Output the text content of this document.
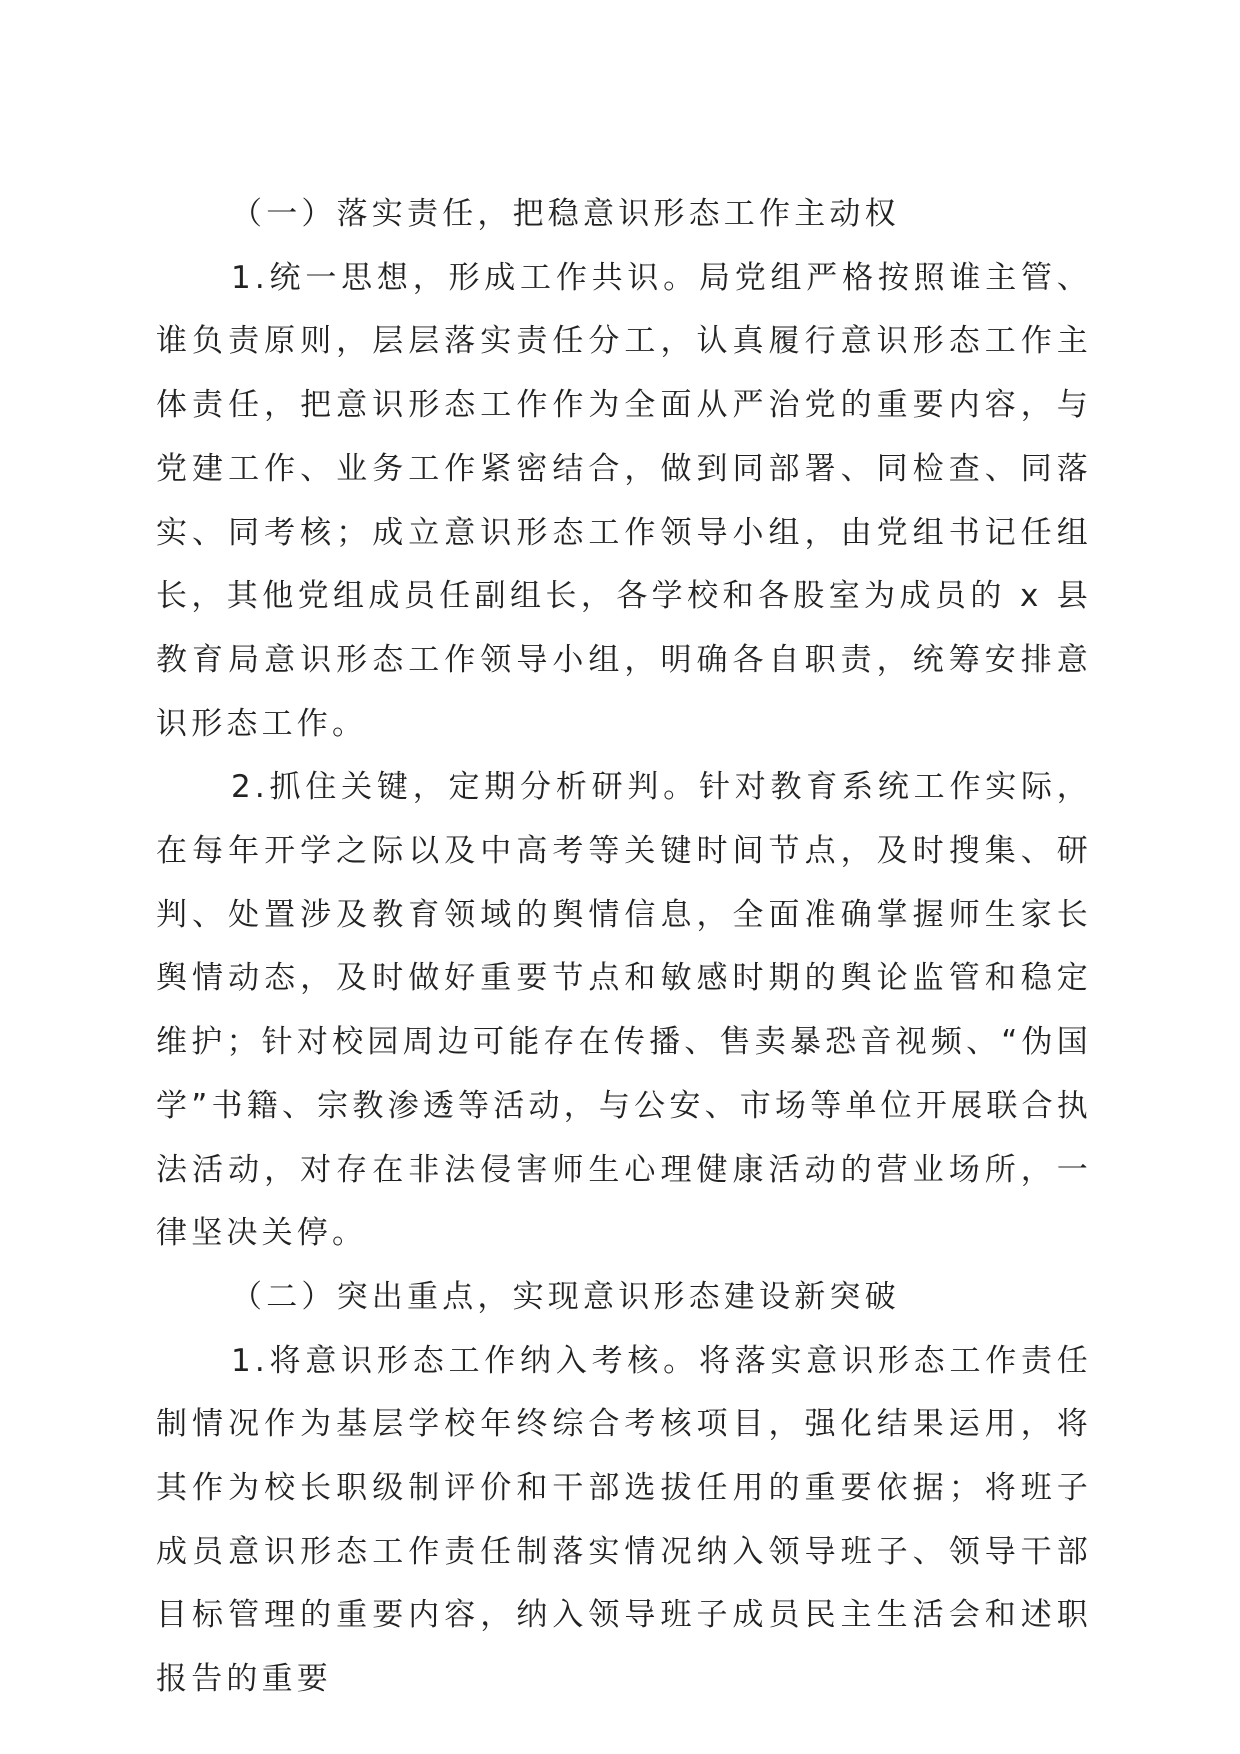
（一）落实责任，把稳意识形态工作主动权

1.统一思想，形成工作共识。局党组严格按照谁主管、谁负责原则，层层落实责任分工，认真履行意识形态工作主体责任，把意识形态工作作为全面从严治党的重要内容，与党建工作、业务工作紧密结合，做到同部署、同检查、同落实、同考核；成立意识形态工作领导小组，由党组书记任组长，其他党组成员任副组长，各学校和各股室为成员的 x 县教育局意识形态工作领导小组，明确各自职责，统筹安排意识形态工作。

2.抓住关键，定期分析研判。针对教育系统工作实际，在每年开学之际以及中高考等关键时间节点，及时搜集、研判、处置涉及教育领域的舆情信息，全面准确掌握师生家长舆情动态，及时做好重要节点和敏感时期的舆论监管和稳定维护；针对校园周边可能存在传播、售卖暴恐音视频、“伪国学”书籍、宗教渗透等活动，与公安、市场等单位开展联合执法活动，对存在非法侵害师生心理健康活动的营业场所，一律坚决关停。

（二）突出重点，实现意识形态建设新突破

1.将意识形态工作纳入考核。将落实意识形态工作责任制情况作为基层学校年终综合考核项目，强化结果运用，将其作为校长职级制评价和干部选拔任用的重要依据；将班子成员意识形态工作责任制落实情况纳入领导班子、领导干部目标管理的重要内容，纳入领导班子成员民主生活会和述职报告的重要
